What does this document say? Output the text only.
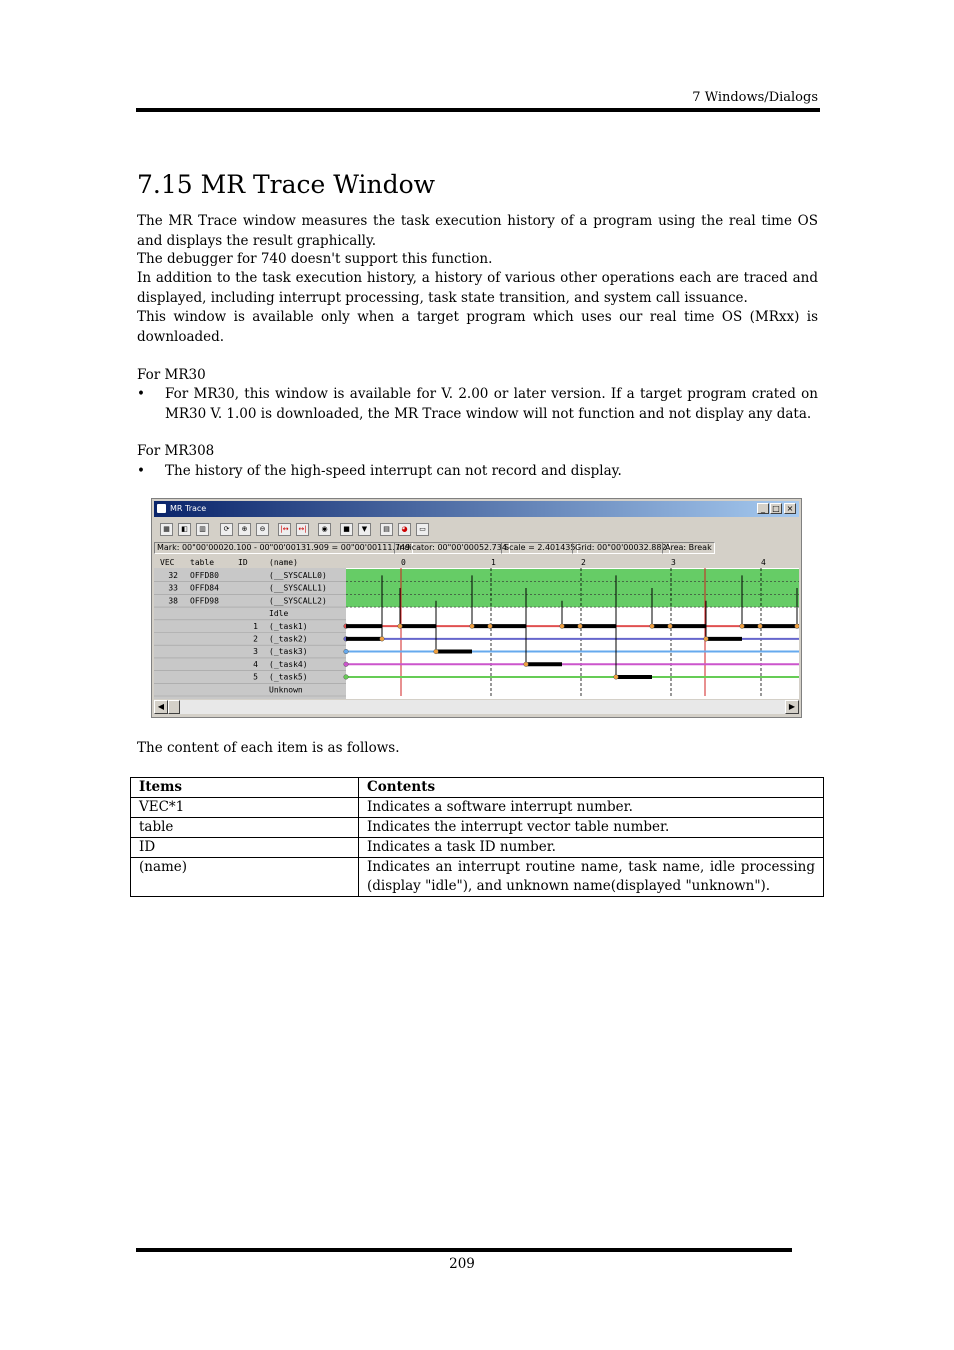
7 Windows/Dialogs
7.15 MR Trace Window

The MR Trace window measures the task execution history of a program using the real time OS and displays the result graphically.

The debugger for 740 doesn't support this function.

In addition to the task execution history, a history of various other operations each are traced and displayed, including interrupt processing, task state transition, and system call issuance.

This window is available only when a target program which uses our real time OS (MRxx) is downloaded.

For MR30

• For MR30, this window is available for V. 2.00 or later version. If a target program crated on MR30 V. 1.00 is downloaded, the MR Trace window will not function and not display any data.

For MR308

• The history of the high-speed interrupt can not record and display.
MR Trace	_ □ ×
▦	◧	▥	⟳	⊕	⊖	|↔	↔|	◉	■	▼	▤	◕	▭
Mark: 00"00'00020.100 - 00"00'00131.909 = 00"00'00111.749
Indicator: 00"00'00052.734
Scale = 2.401435 Grid: 00"00'00032.882
Area: Break
VEC table	ID	(name)	0	1	2	3	4
32 OFFD80	(__SYSCALL0)
33 OFFD84	(__SYSCALL1)
38 OFFD98	(__SYSCALL2)
Idle
1 (_task1)
2 (_task2)
3 (_task3)
4 (_task4)
5 (_task5)
Unknown
◀	▶
The content of each item is as follows.
Items	Contents
VEC*1	Indicates a software interrupt number.
table	Indicates the interrupt vector table number.
ID	Indicates a task ID number.
(name)	Indicates an interrupt routine name, task name, idle processing (display "idle"), and unknown name(displayed "unknown").
209
